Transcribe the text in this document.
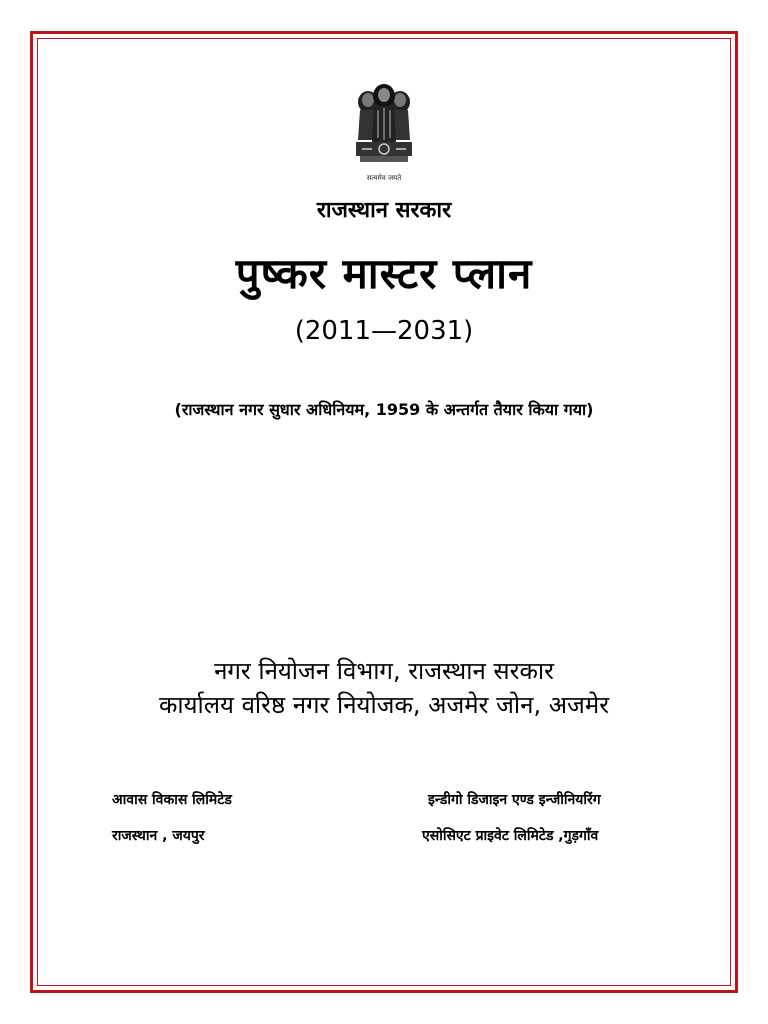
सत्यमेव जयते
राजस्थान सरकार
पुष्कर मास्टर प्लान
(2011—2031)
(राजस्थान नगर सुधार अधिनियम, 1959 के अन्तर्गत तैयार किया गया)
नगर नियोजन विभाग, राजस्थान सरकार
कार्यालय वरिष्ठ नगर नियोजक, अजमेर जोन, अजमेर
आवास विकास लिमिटेड
राजस्थान , जयपुर
इन्डीगो डिजाइन एण्ड इन्जीनियरिंग
एसोसिएट प्राइवेट लिमिटेड ,गुड़गाँव
